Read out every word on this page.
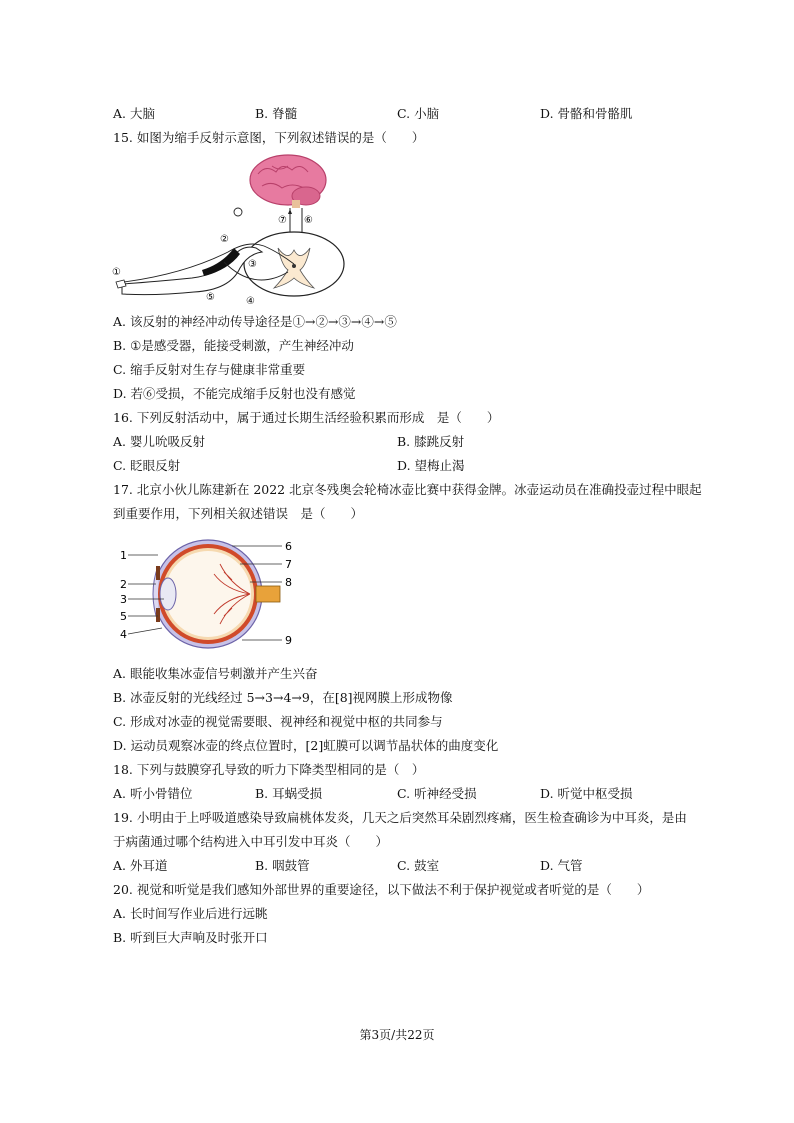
A. 大脑	B. 脊髓	C. 小脑	D. 骨骼和骨骼肌
15. 如图为缩手反射示意图，下列叙述错误的是（　　）
①
②
③
④
⑤
⑥
⑦
A. 该反射的神经冲动传导途径是①→②→③→④→⑤
B. ①是感受器，能接受刺激，产生神经冲动
C. 缩手反射对生存与健康非常重要
D. 若⑥受损，不能完成缩手反射也没有感觉
16. 下列反射活动中，属于通过长期生活经验积累而形成　是（　　）
A. 婴儿吮吸反射	B. 膝跳反射
C. 眨眼反射	D. 望梅止渴
17. 北京小伙儿陈建新在 2022 北京冬残奥会轮椅冰壶比赛中获得金牌。冰壶运动员在准确投壶过程中眼起
到重要作用，下列相关叙述错误　是（　　）
1
2
3
5
4
6
7
8
9
A. 眼能收集冰壶信号刺激并产生兴奋
B. 冰壶反射的光线经过 5→3→4→9，在[8]视网膜上形成物像
C. 形成对冰壶的视觉需要眼、视神经和视觉中枢的共同参与
D. 运动员观察冰壶的终点位置时，[2]虹膜可以调节晶状体的曲度变化
18. 下列与鼓膜穿孔导致的听力下降类型相同的是（　）
A. 听小骨错位	B. 耳蜗受损	C. 听神经受损	D. 听觉中枢受损
19. 小明由于上呼吸道感染导致扁桃体发炎，几天之后突然耳朵剧烈疼痛，医生检查确诊为中耳炎，是由
于病菌通过哪个结构进入中耳引发中耳炎（　　）
A. 外耳道	B. 咽鼓管	C. 鼓室	D. 气管
20. 视觉和听觉是我们感知外部世界的重要途径，以下做法不利于保护视觉或者听觉的是（　　）
A. 长时间写作业后进行远眺
B. 听到巨大声响及时张开口
第3页/共22页
